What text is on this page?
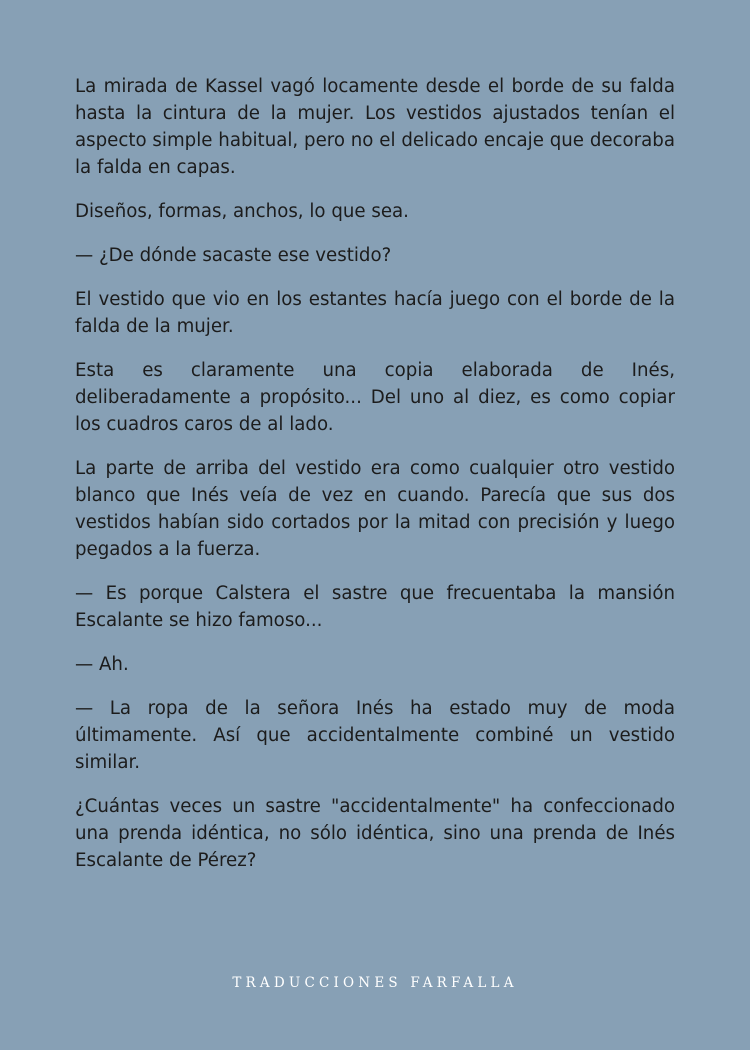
La mirada de Kassel vagó locamente desde el borde de su falda hasta la cintura de la mujer. Los vestidos ajustados tenían el aspecto simple habitual, pero no el delicado encaje que decoraba la falda en capas.

Diseños, formas, anchos, lo que sea.

— ¿De dónde sacaste ese vestido?

El vestido que vio en los estantes hacía juego con el borde de la falda de la mujer.

Esta es claramente una copia elaborada de Inés, deliberadamente a propósito... Del uno al diez, es como copiar los cuadros caros de al lado.

La parte de arriba del vestido era como cualquier otro vestido blanco que Inés veía de vez en cuando. Parecía que sus dos vestidos habían sido cortados por la mitad con precisión y luego pegados a la fuerza.

— Es porque Calstera el sastre que frecuentaba la mansión Escalante se hizo famoso...

— Ah.

— La ropa de la señora Inés ha estado muy de moda últimamente. Así que accidentalmente combiné un vestido similar.

¿Cuántas veces un sastre "accidentalmente" ha confeccionado una prenda idéntica, no sólo idéntica, sino una prenda de Inés Escalante de Pérez?

TRADUCCIONES FARFALLA
